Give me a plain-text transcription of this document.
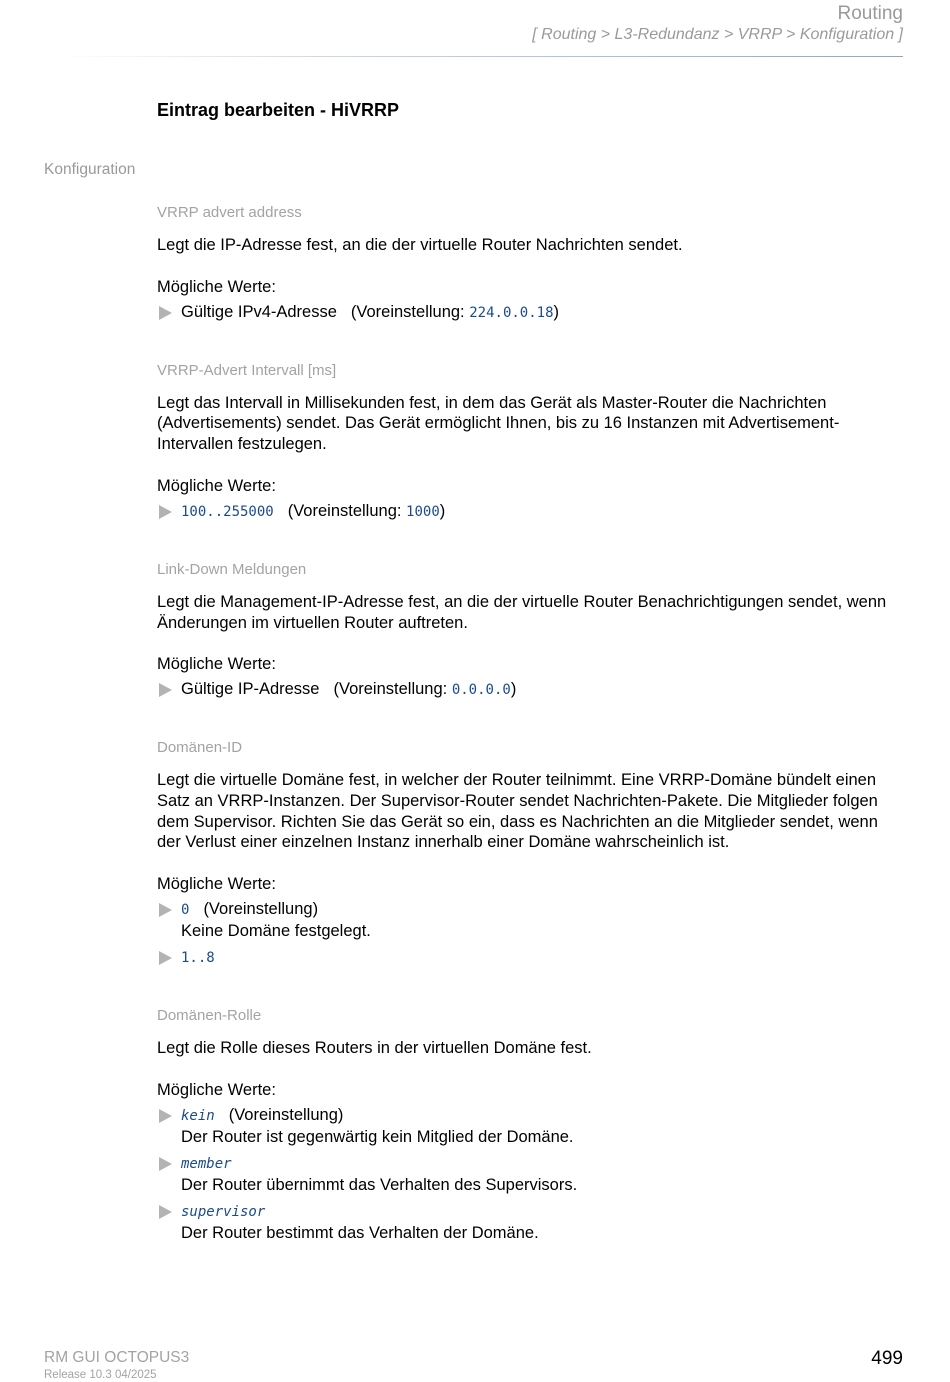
Routing
[ Routing > L3-Redundanz > VRRP > Konfiguration ]
Eintrag bearbeiten - HiVRRP
Konfiguration
VRRP advert address

Legt die IP-Adresse fest, an die der virtuelle Router Nachrichten sendet.

Mögliche Werte:
Gültige IPv4-Adresse (Voreinstellung: 224.0.0.18)
VRRP-Advert Intervall [ms]

Legt das Intervall in Millisekunden fest, in dem das Gerät als Master-Router die Nachrichten (Advertisements) sendet. Das Gerät ermöglicht Ihnen, bis zu 16 Instanzen mit Advertisement-Intervallen festzulegen.

Mögliche Werte:
100..255000 (Voreinstellung: 1000)
Link-Down Meldungen

Legt die Management-IP-Adresse fest, an die der virtuelle Router Benachrichtigungen sendet, wenn Änderungen im virtuellen Router auftreten.

Mögliche Werte:
Gültige IP-Adresse (Voreinstellung: 0.0.0.0)
Domänen-ID

Legt die virtuelle Domäne fest, in welcher der Router teilnimmt. Eine VRRP-Domäne bündelt einen Satz an VRRP-Instanzen. Der Supervisor-Router sendet Nachrichten-Pakete. Die Mitglieder folgen dem Supervisor. Richten Sie das Gerät so ein, dass es Nachrichten an die Mitglieder sendet, wenn der Verlust einer einzelnen Instanz innerhalb einer Domäne wahrscheinlich ist.

Mögliche Werte:
0 (Voreinstellung)
Keine Domäne festgelegt.
1..8
Domänen-Rolle

Legt die Rolle dieses Routers in der virtuellen Domäne fest.

Mögliche Werte:
kein (Voreinstellung)
Der Router ist gegenwärtig kein Mitglied der Domäne.
member
Der Router übernimmt das Verhalten des Supervisors.
supervisor
Der Router bestimmt das Verhalten der Domäne.
RM GUI OCTOPUS3
Release 10.3 04/2025
499
